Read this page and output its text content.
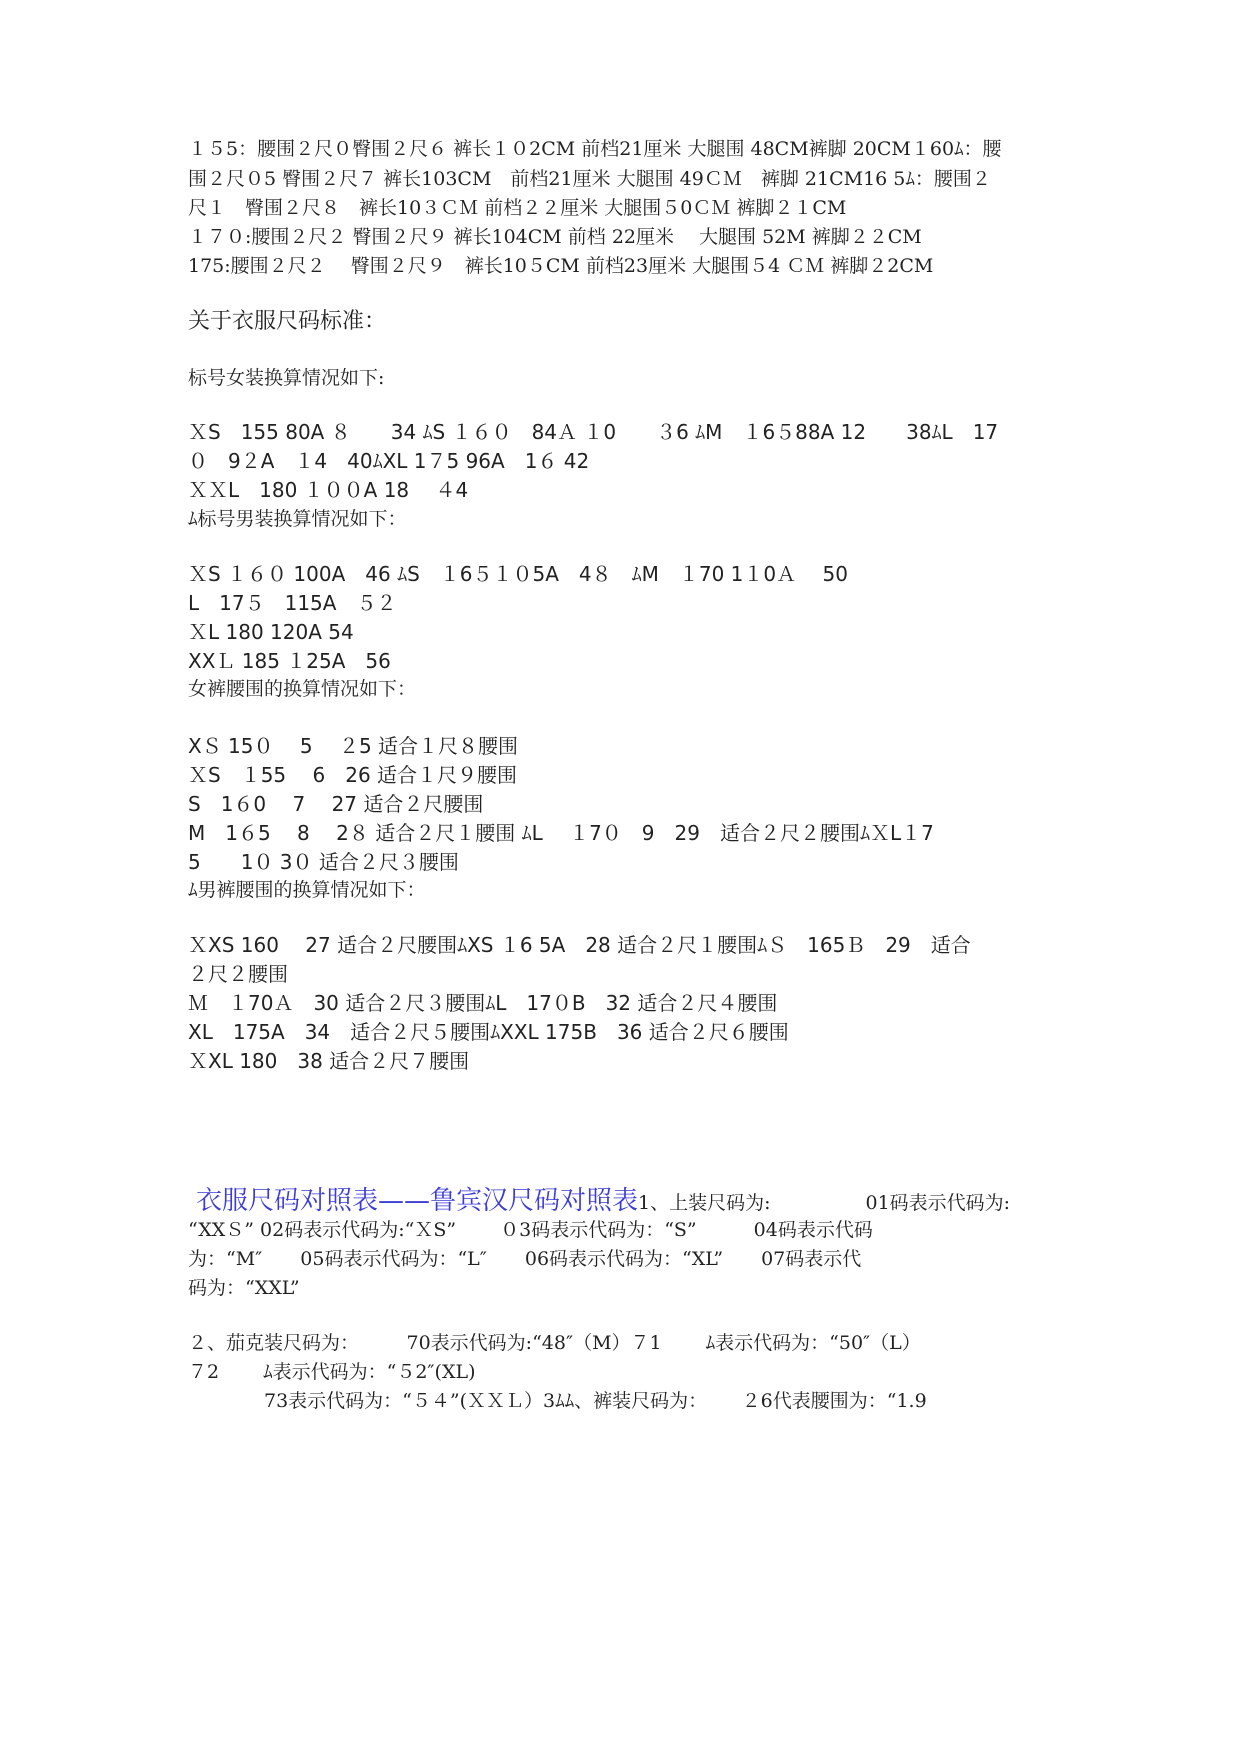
１５5：腰围２尺０臀围２尺６ 裤长１０2CM 前档21厘米 大腿围 48CM裤脚 20CM１60ﾑ：腰
围２尺０5 臀围２尺７ 裤长103CM　前档21厘米 大腿围 49ＣＭ　裤脚 21CM16 5ﾑ：腰围２
尺１　臀围２尺８　裤长10３ＣＭ 前档２２厘米 大腿围５0ＣＭ 裤脚２１CM
１７０:腰围２尺２ 臀围２尺９ 裤长104CM 前档 22厘米　 大腿围 52M 裤脚２２CM
175:腰围２尺２　 臀围２尺９　裤长10５CM 前档23厘米 大腿围５4 ＣＭ 裤脚２2CM
关于衣服尺码标准：
标号女装换算情况如下:
ＸS　155 80A ８　　34 ﾑS １６０　84Ａ １0　　３6 ﾑM　１6５88A 12　　38ﾑL　17
０　9２A　１4　40ﾑXL 1７5 96A　1６ 42
ＸＸL　180 １００A 18　 ４4
ﾑ标号男装换算情况如下：
ＸS １６０ 100A　46 ﾑS　１6５１０5A　4８　ﾑM　１70 1１0Ａ　 50
L　17５　115A　５２
ＸL 180 120A 54
XXＬ 185 １25A　56
女裤腰围的换算情况如下：
XＳ 15０　 5　 ２5 适合１尺８腰围
ＸS　１55　 6　26 适合１尺９腰围
S　1６0　 7　 27 适合２尺腰围
M　1６5　 8　 2８ 适合２尺１腰围 ﾑL　 １7０　9　29　适合２尺２腰围ﾑＸL１7
5　　1０ 3０ 适合２尺３腰围
ﾑ男裤腰围的换算情况如下：
ＸXS 160　 27 适合２尺腰围ﾑXS １6 5A　28 适合２尺１腰围ﾑＳ　165Ｂ　29　适合
２尺２腰围
Ｍ　１70Ａ　30 适合２尺３腰围ﾑL　17０B　32 适合２尺４腰围
XL　175A　34　适合２尺５腰围ﾑXXL 175B　36 适合２尺６腰围
ＸXL 180　38 适合２尺７腰围

衣服尺码对照表——鲁宾汉尺码对照表1、上装尺码为:　　　　　01码表示代码为:

“XXＳ” 02码表示代码为:“ＸS”　　 ０3码表示代码为：“S”　　　04码表示代码
为：“M″　　05码表示代码为：“L″　　06码表示代码为：“XL”　　07码表示代
码为：“XXL”
２、茄克装尺码为：　　　70表示代码为:“48″（M）７1　　 ﾑ表示代码为：“50″（L）
７2　　 ﾑ表示代码为：“５2″(XL)
　　　　73表示代码为：“５４”(ＸＸＬ）3ﾑﾑ、裤装尺码为：　　 ２6代表腰围为：“1.9
